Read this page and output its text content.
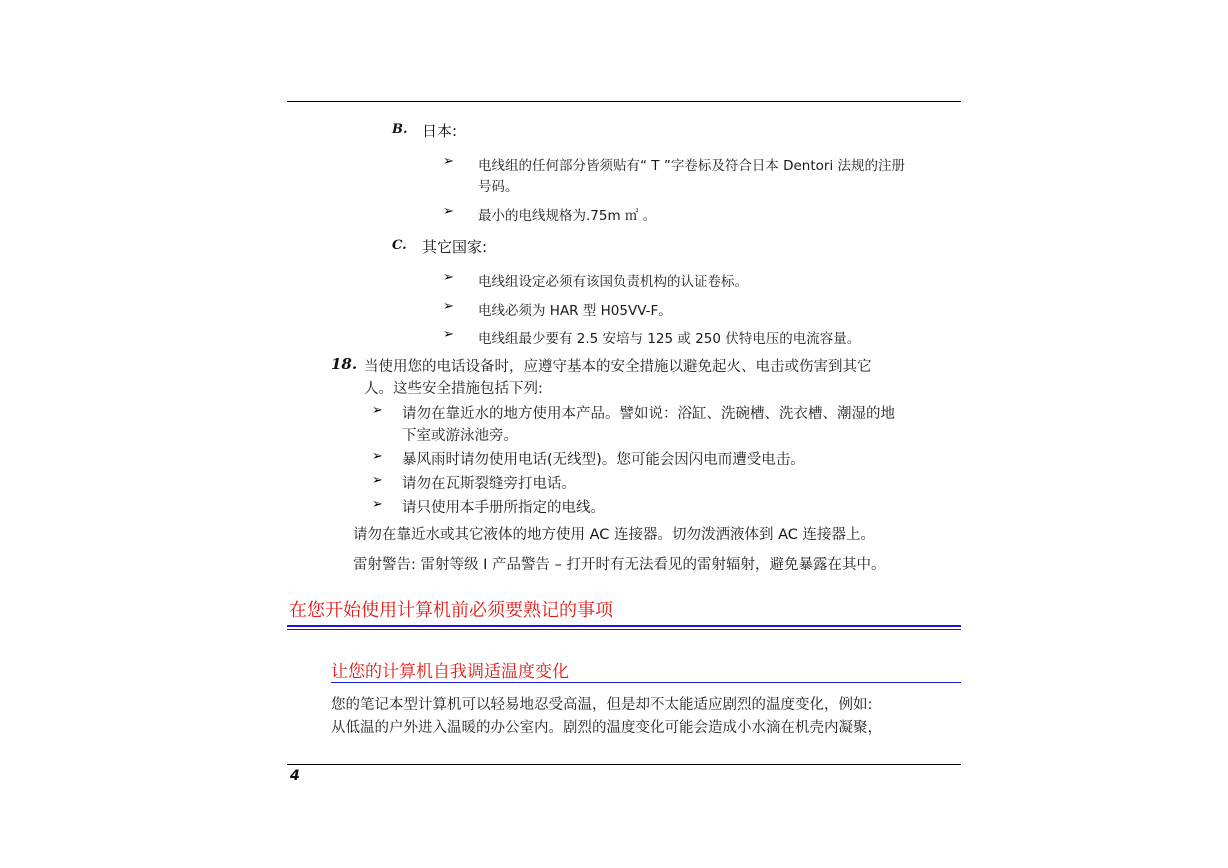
B. 日本:
➢ 电线组的任何部分皆须贴有“ T ”字卷标及符合日本 Dentori 法规的注册
号码。
➢ 最小的电线规格为.75m ㎡ 。
C. 其它国家:
➢ 电线组设定必须有该国负责机构的认证卷标。
➢ 电线必须为 HAR 型 H05VV-F。
➢ 电线组最少要有 2.5 安培与 125 或 250 伏特电压的电流容量。
18. 当使用您的电话设备时，应遵守基本的安全措施以避免起火、电击或伤害到其它
人。这些安全措施包括下列:
➢ 请勿在靠近水的地方使用本产品。譬如说：浴缸、洗碗槽、洗衣槽、潮湿的地
下室或游泳池旁。
➢ 暴风雨时请勿使用电话(无线型)。您可能会因闪电而遭受电击。
➢ 请勿在瓦斯裂缝旁打电话。
➢ 请只使用本手册所指定的电线。
请勿在靠近水或其它液体的地方使用 AC 连接器。切勿泼洒液体到 AC 连接器上。
雷射警告: 雷射等级 I 产品警告 – 打开时有无法看见的雷射辐射，避免暴露在其中。
在您开始使用计算机前必须要熟记的事项
让您的计算机自我调适温度变化
您的笔记本型计算机可以轻易地忍受高温，但是却不太能适应剧烈的温度变化，例如:
从低温的户外进入温暖的办公室内。剧烈的温度变化可能会造成小水滴在机壳内凝聚，
4
